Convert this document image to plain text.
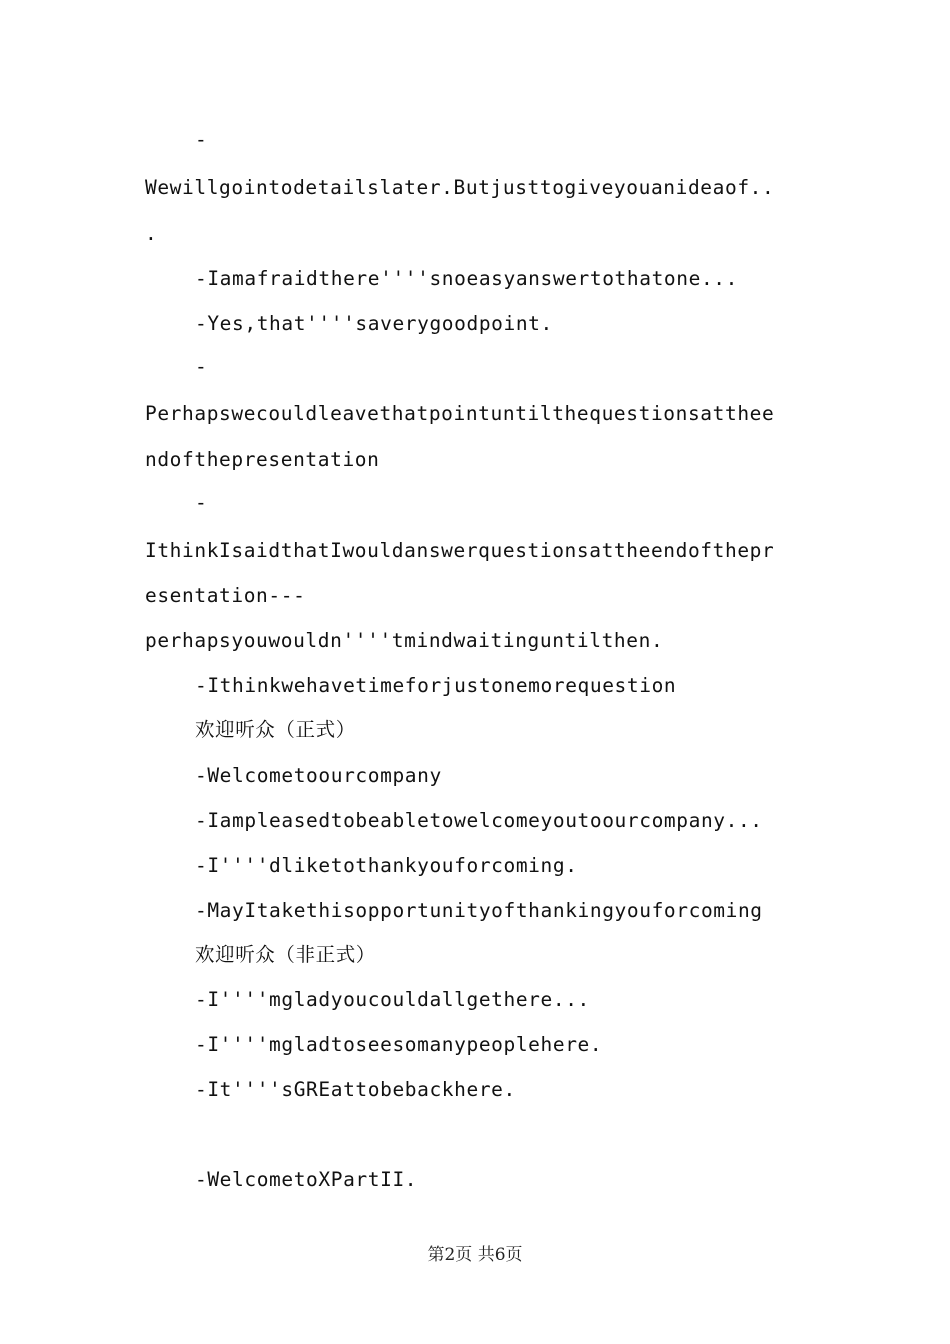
-

Wewillgointodetailslater.Butjusttogiveyouanideaof..

.

-Iamafraidthere''''snoeasyanswertothatone...

-Yes,that''''saverygoodpoint.

-

Perhapswecouldleavethatpointuntilthequestionsatthee

ndofthepresentation

-

IthinkIsaidthatIwouldanswerquestionsattheendofthepr

esentation---

perhapsyouwouldn''''tmindwaitinguntilthen.

-Ithinkwehavetimeforjustonemorequestion

欢迎听众（正式）

-Welcometoourcompany

-Iampleasedtobeabletowelcomeyoutoourcompany...

-I''''dliketothankyouforcoming.

-MayItakethisopportunityofthankingyouforcoming

欢迎听众（非正式）

-I''''mgladyoucouldallgethere...

-I''''mgladtoseesomanypeoplehere.

-It''''sGREattobebackhere.

-WelcometoXPartII.

第2页 共6页
